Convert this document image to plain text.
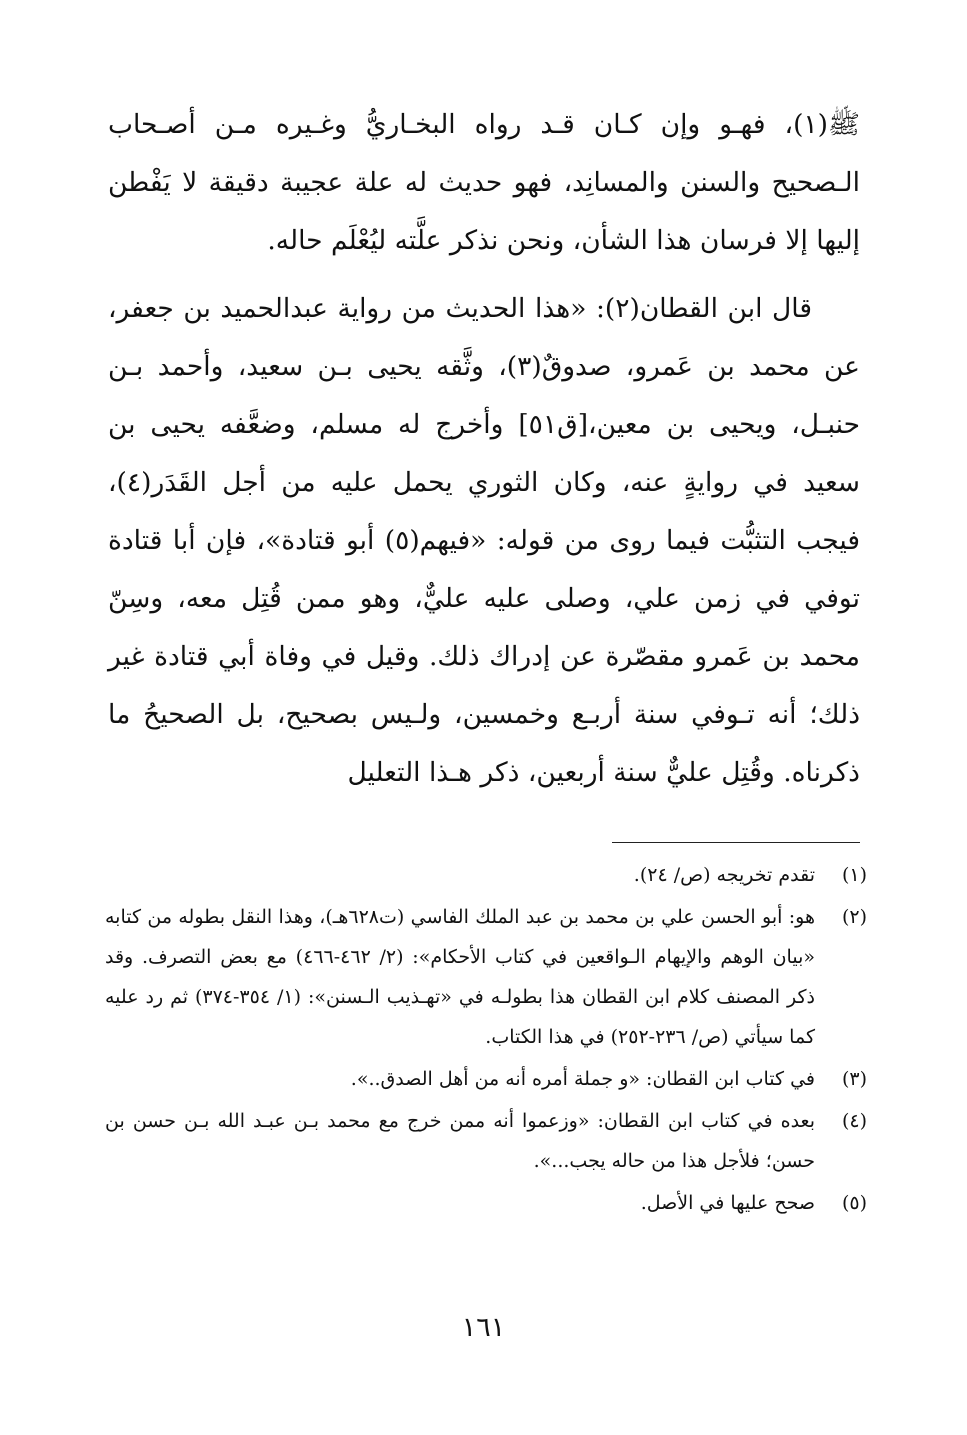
ﷺ(١)، فهـو وإن كـان قـد رواه البخـاريُّ وغـيره مـن أصـحاب الـصحيح والسنن والمسانِد، فهو حديث له علة عجيبة دقيقة لا يَفْطن إليها إلا فرسان هذا الشأن، ونحن نذكر علَّته ليُعْلَم حاله.

قال ابن القطان(٢): «هذا الحديث من رواية عبدالحميد بن جعفر، عن محمد بن عَمرو، صدوقٌ(٣)، وثَّقه يحيى بـن سعيد، وأحمد بـن حنبـل، ويحيى بن معين،[ق٥١] وأخرج له مسلم، وضعَّفه يحيى بن سعيد في روايةٍ عنه، وكان الثوري يحمل عليه من أجل القَدَر(٤)، فيجب التثبُّت فيما روى من قوله: «فيهم(٥) أبو قتادة»، فإن أبا قتادة توفي في زمن علي، وصلى عليه عليٌّ، وهو ممن قُتِل معه، وسِنّ محمد بن عَمرو مقصّرة عن إدراك ذلك. وقيل في وفاة أبي قتادة غير ذلك؛ أنه تـوفي سنة أربـع وخمسين، ولـيس بصحيح، بل الصحيحُ ما ذكرناه. وقُتِل عليٌّ سنة أربعين، ذكر هـذا التعليل

(١)
تقدم تخريجه (ص/ ٢٤).
(٢)
هو: أبو الحسن علي بن محمد بن عبد الملك الفاسي (ت٦٢٨هـ)، وهذا النقل بطوله من كتابه «بيان الوهم والإيهام الـواقعين في كتاب الأحكام»: (٢/ ٤٦٢-٤٦٦) مع بعض التصرف. وقد ذكر المصنف كلام ابن القطان هذا بطولـه في «تهـذيب الـسنن»: (١/ ٣٥٤-٣٧٤) ثم رد عليه كما سيأتي (ص/ ٢٣٦-٢٥٢) في هذا الكتاب.
(٣)
في كتاب ابن القطان: «و جملة أمره أنه من أهل الصدق..».
(٤)
بعده في كتاب ابن القطان: «وزعموا أنه ممن خرج مع محمد بـن عبـد الله بـن حسن بن حسن؛ فلأجل هذا من حاله يجب...».
(٥)
صحح عليها في الأصل.
١٦١
